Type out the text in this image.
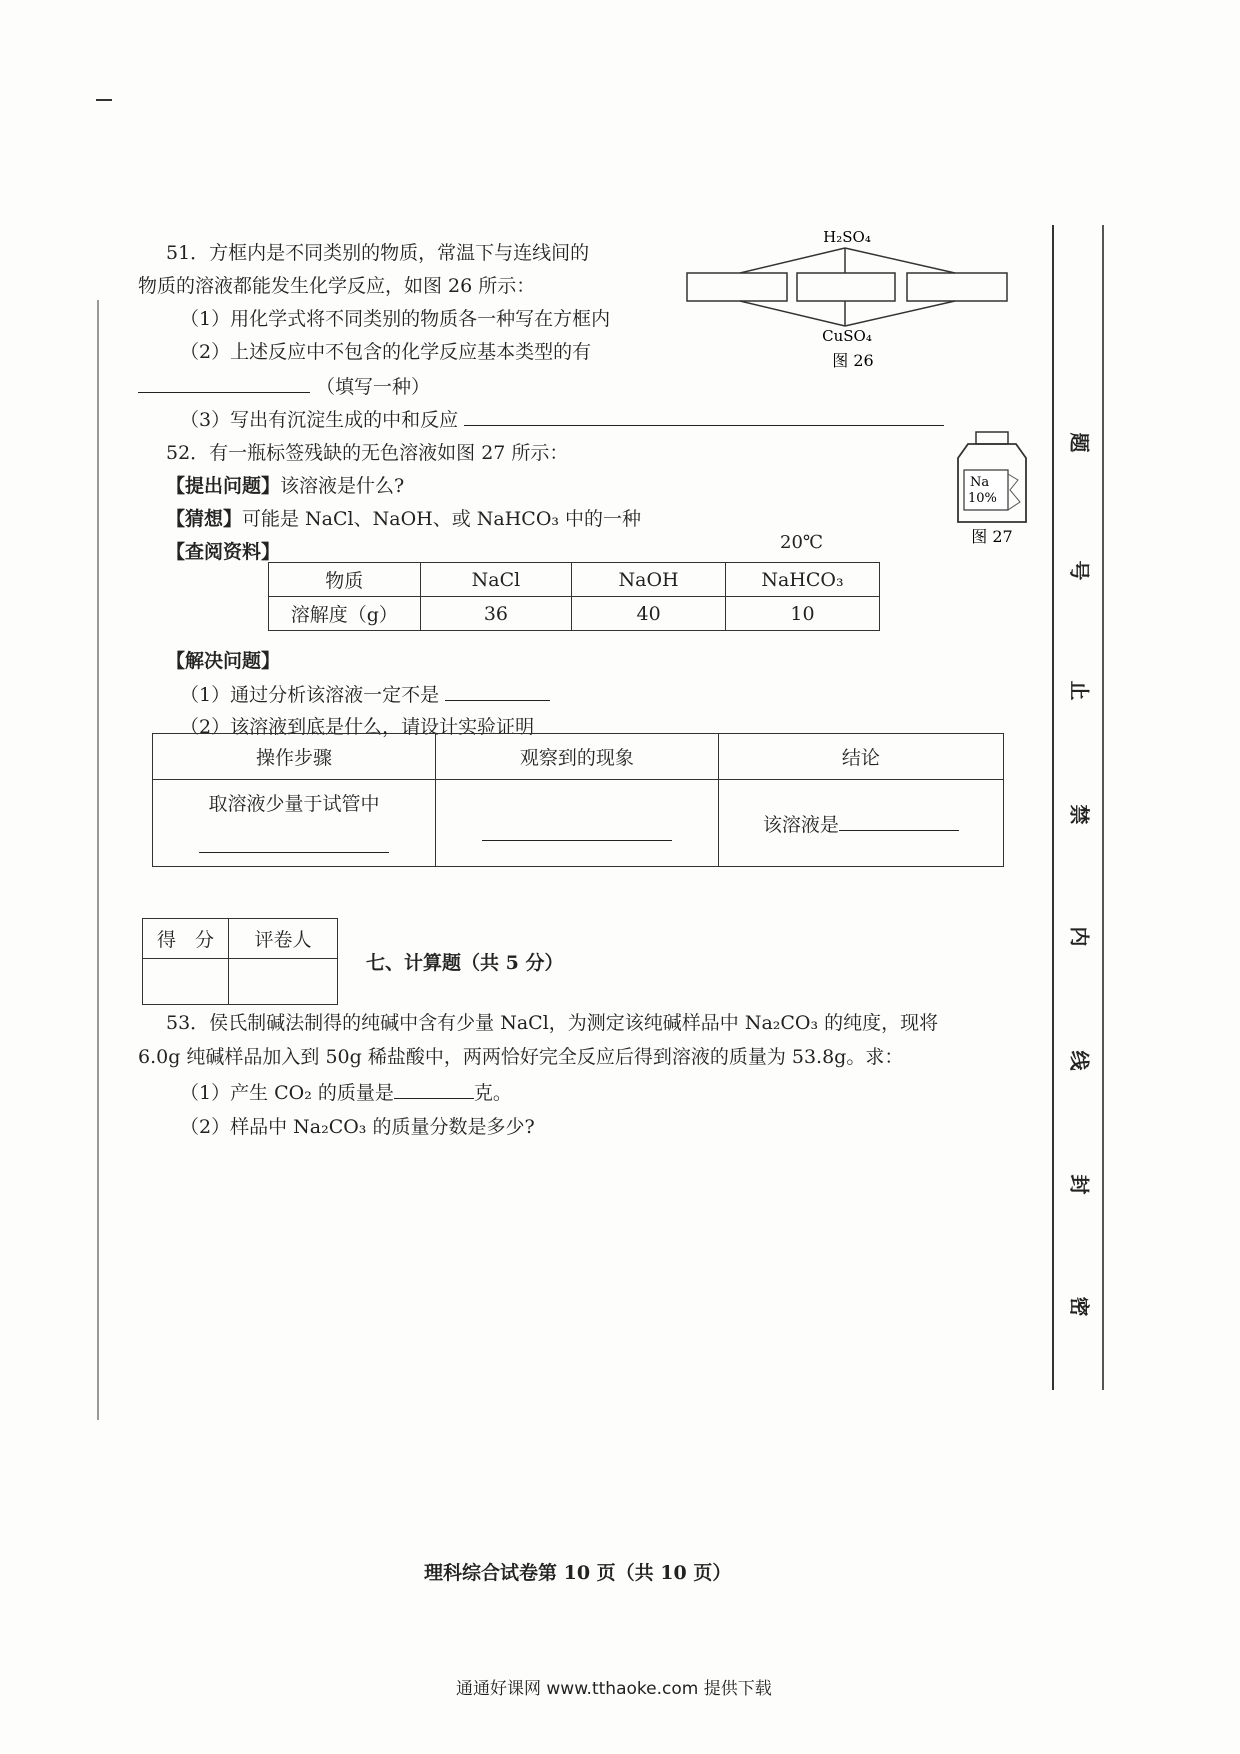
51．方框内是不同类别的物质，常温下与连线间的
物质的溶液都能发生化学反应，如图 26 所示：
（1）用化学式将不同类别的物质各一种写在方框内
（2）上述反应中不包含的化学反应基本类型的有
（填写一种）
（3）写出有沉淀生成的中和反应
H₂SO₄
CuSO₄
图 26
52．有一瓶标签残缺的无色溶液如图 27 所示：
【提出问题】该溶液是什么?
【猜想】可能是 NaCl、NaOH、或 NaHCO₃ 中的一种
【查阅资料】	20℃
Na
10%
图 27
物质	NaCl	NaOH	NaHCO₃
溶解度（g）	36	40	10
【解决问题】
（1）通过分析该溶液一定不是
（2）该溶液到底是什么，请设计实验证明
操作步骤	观察到的现象	结论

取溶液少量于试管中		该溶液是
得　分	评卷人

七、计算题（共 5 分）
53．侯氏制碱法制得的纯碱中含有少量 NaCl，为测定该纯碱样品中 Na₂CO₃ 的纯度，现将
6.0g 纯碱样品加入到 50g 稀盐酸中，两两恰好完全反应后得到溶液的质量为 53.8g。求：
（1）产生 CO₂ 的质量是	克。
（2）样品中 Na₂CO₃ 的质量分数是多少?
题
号
止
禁
内
线
封
密
理科综合试卷第 10 页（共 10 页）
通通好课网 www.tthaoke.com 提供下载
